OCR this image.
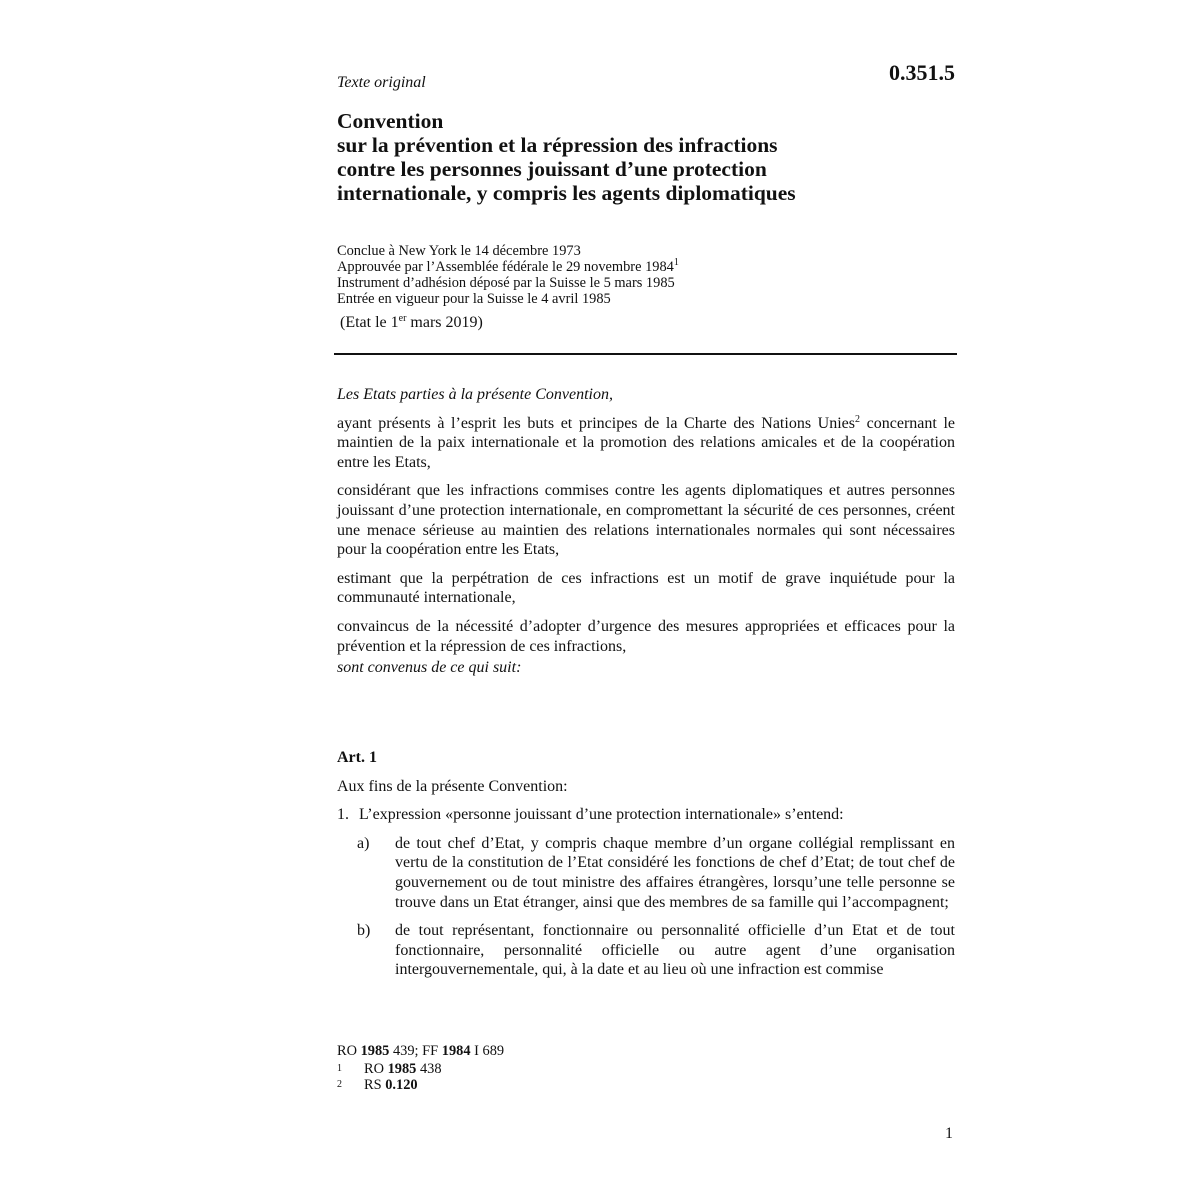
Texte original	0.351.5
Convention
sur la prévention et la répression des infractions
contre les personnes jouissant d’une protection
internationale, y compris les agents diplomatiques
Conclue à New York le 14 décembre 1973
Approuvée par l’Assemblée fédérale le 29 novembre 1984$^1$
Instrument d’adhésion déposé par la Suisse le 5 mars 1985
Entrée en vigueur pour la Suisse le 4 avril 1985
(Etat le 1er mars 2019)

Les Etats parties à la présente Convention,

ayant présents à l’esprit les buts et principes de la Charte des Nations Unies$^2$ concernant le maintien de la paix internationale et la promotion des relations amicales et de la coopération entre les Etats,

considérant que les infractions commises contre les agents diplomatiques et autres personnes jouissant d’une protection internationale, en compromettant la sécurité de ces personnes, créent une menace sérieuse au maintien des relations internationales normales qui sont nécessaires pour la coopération entre les Etats,

estimant que la perpétration de ces infractions est un motif de grave inquiétude pour la communauté internationale,

convaincus de la nécessité d’adopter d’urgence des mesures appropriées et efficaces pour la prévention et la répression de ces infractions,

sont convenus de ce qui suit:

Art. 1

Aux fins de la présente Convention:

1. L’expression «personne jouissant d’une protection internationale» s’entend:
a)	de tout chef d’Etat, y compris chaque membre d’un organe collégial remplissant en vertu de la constitution de l’Etat considéré les fonctions de chef d’Etat; de tout chef de gouvernement ou de tout ministre des affaires étrangères, lorsqu’une telle personne se trouve dans un Etat étranger, ainsi que des membres de sa famille qui l’accompagnent;
b)	de tout représentant, fonctionnaire ou personnalité officielle d’un Etat et de tout fonctionnaire, personnalité officielle ou autre agent d’une organisation intergouvernementale, qui, à la date et au lieu où une infraction est commise
RO 1985 439; FF 1984 I 689
1	RO 1985 438
2	RS 0.120
1
